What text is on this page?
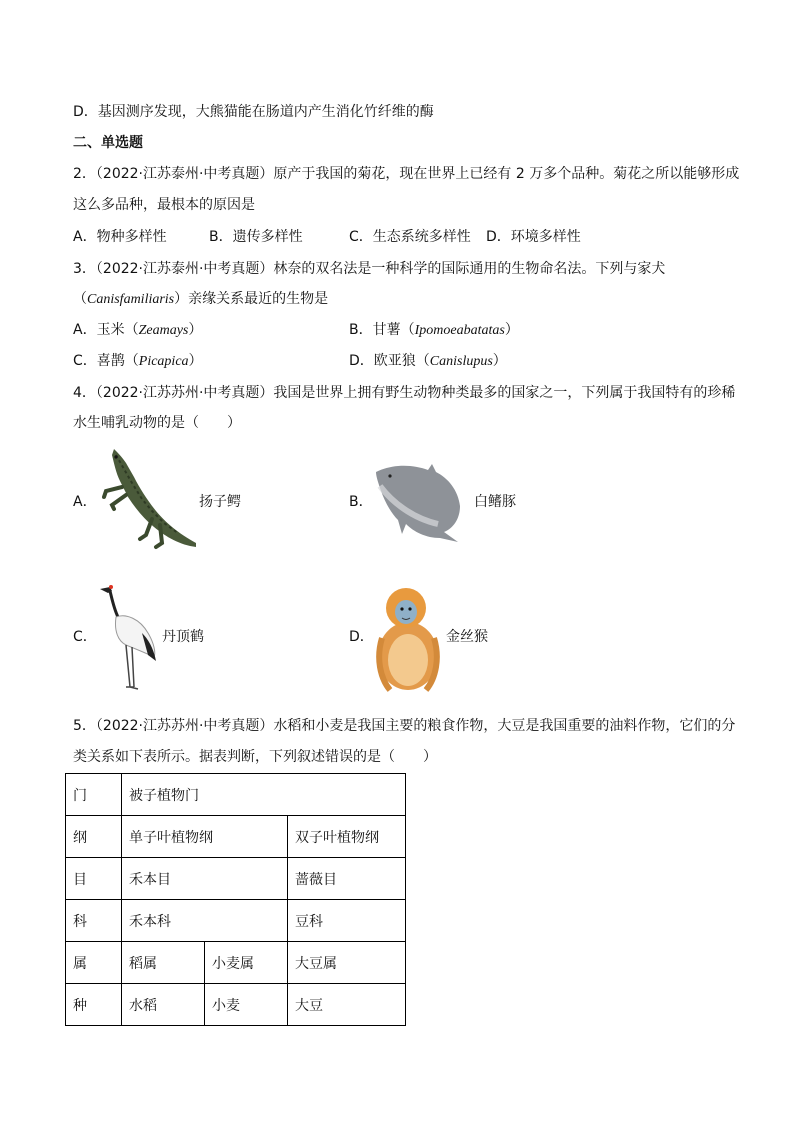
D．基因测序发现，大熊猫能在肠道内产生消化竹纤维的酶
二、单选题
2．（2022·江苏泰州·中考真题）原产于我国的菊花，现在世界上已经有 2 万多个品种。菊花之所以能够形成
这么多品种，最根本的原因是
A．物种多样性	B．遗传多样性	C．生态系统多样性 D．环境多样性
3．（2022·江苏泰州·中考真题）林奈的双名法是一种科学的国际通用的生物命名法。下列与家犬
（Canisfamiliaris）亲缘关系最近的生物是
A．玉米（Zeamays）	B．甘薯（Ipomoeabatatas）
C．喜鹊（Picapica）	D．欧亚狼（Canislupus）
4．（2022·江苏苏州·中考真题）我国是世界上拥有野生动物种类最多的国家之一，下列属于我国特有的珍稀
水生哺乳动物的是（　　）
A．	扬子鳄	B．	白鳍豚
C．	丹顶鹤	D．	金丝猴
5．（2022·江苏苏州·中考真题）水稻和小麦是我国主要的粮食作物，大豆是我国重要的油料作物，它们的分
类关系如下表所示。据表判断，下列叙述错误的是（　　）
门	被子植物门		
纲	单子叶植物纲		双子叶植物纲
目	禾本目		蔷薇目
科	禾本科		豆科
属	稻属	小麦属	大豆属
种	水稻	小麦	大豆
